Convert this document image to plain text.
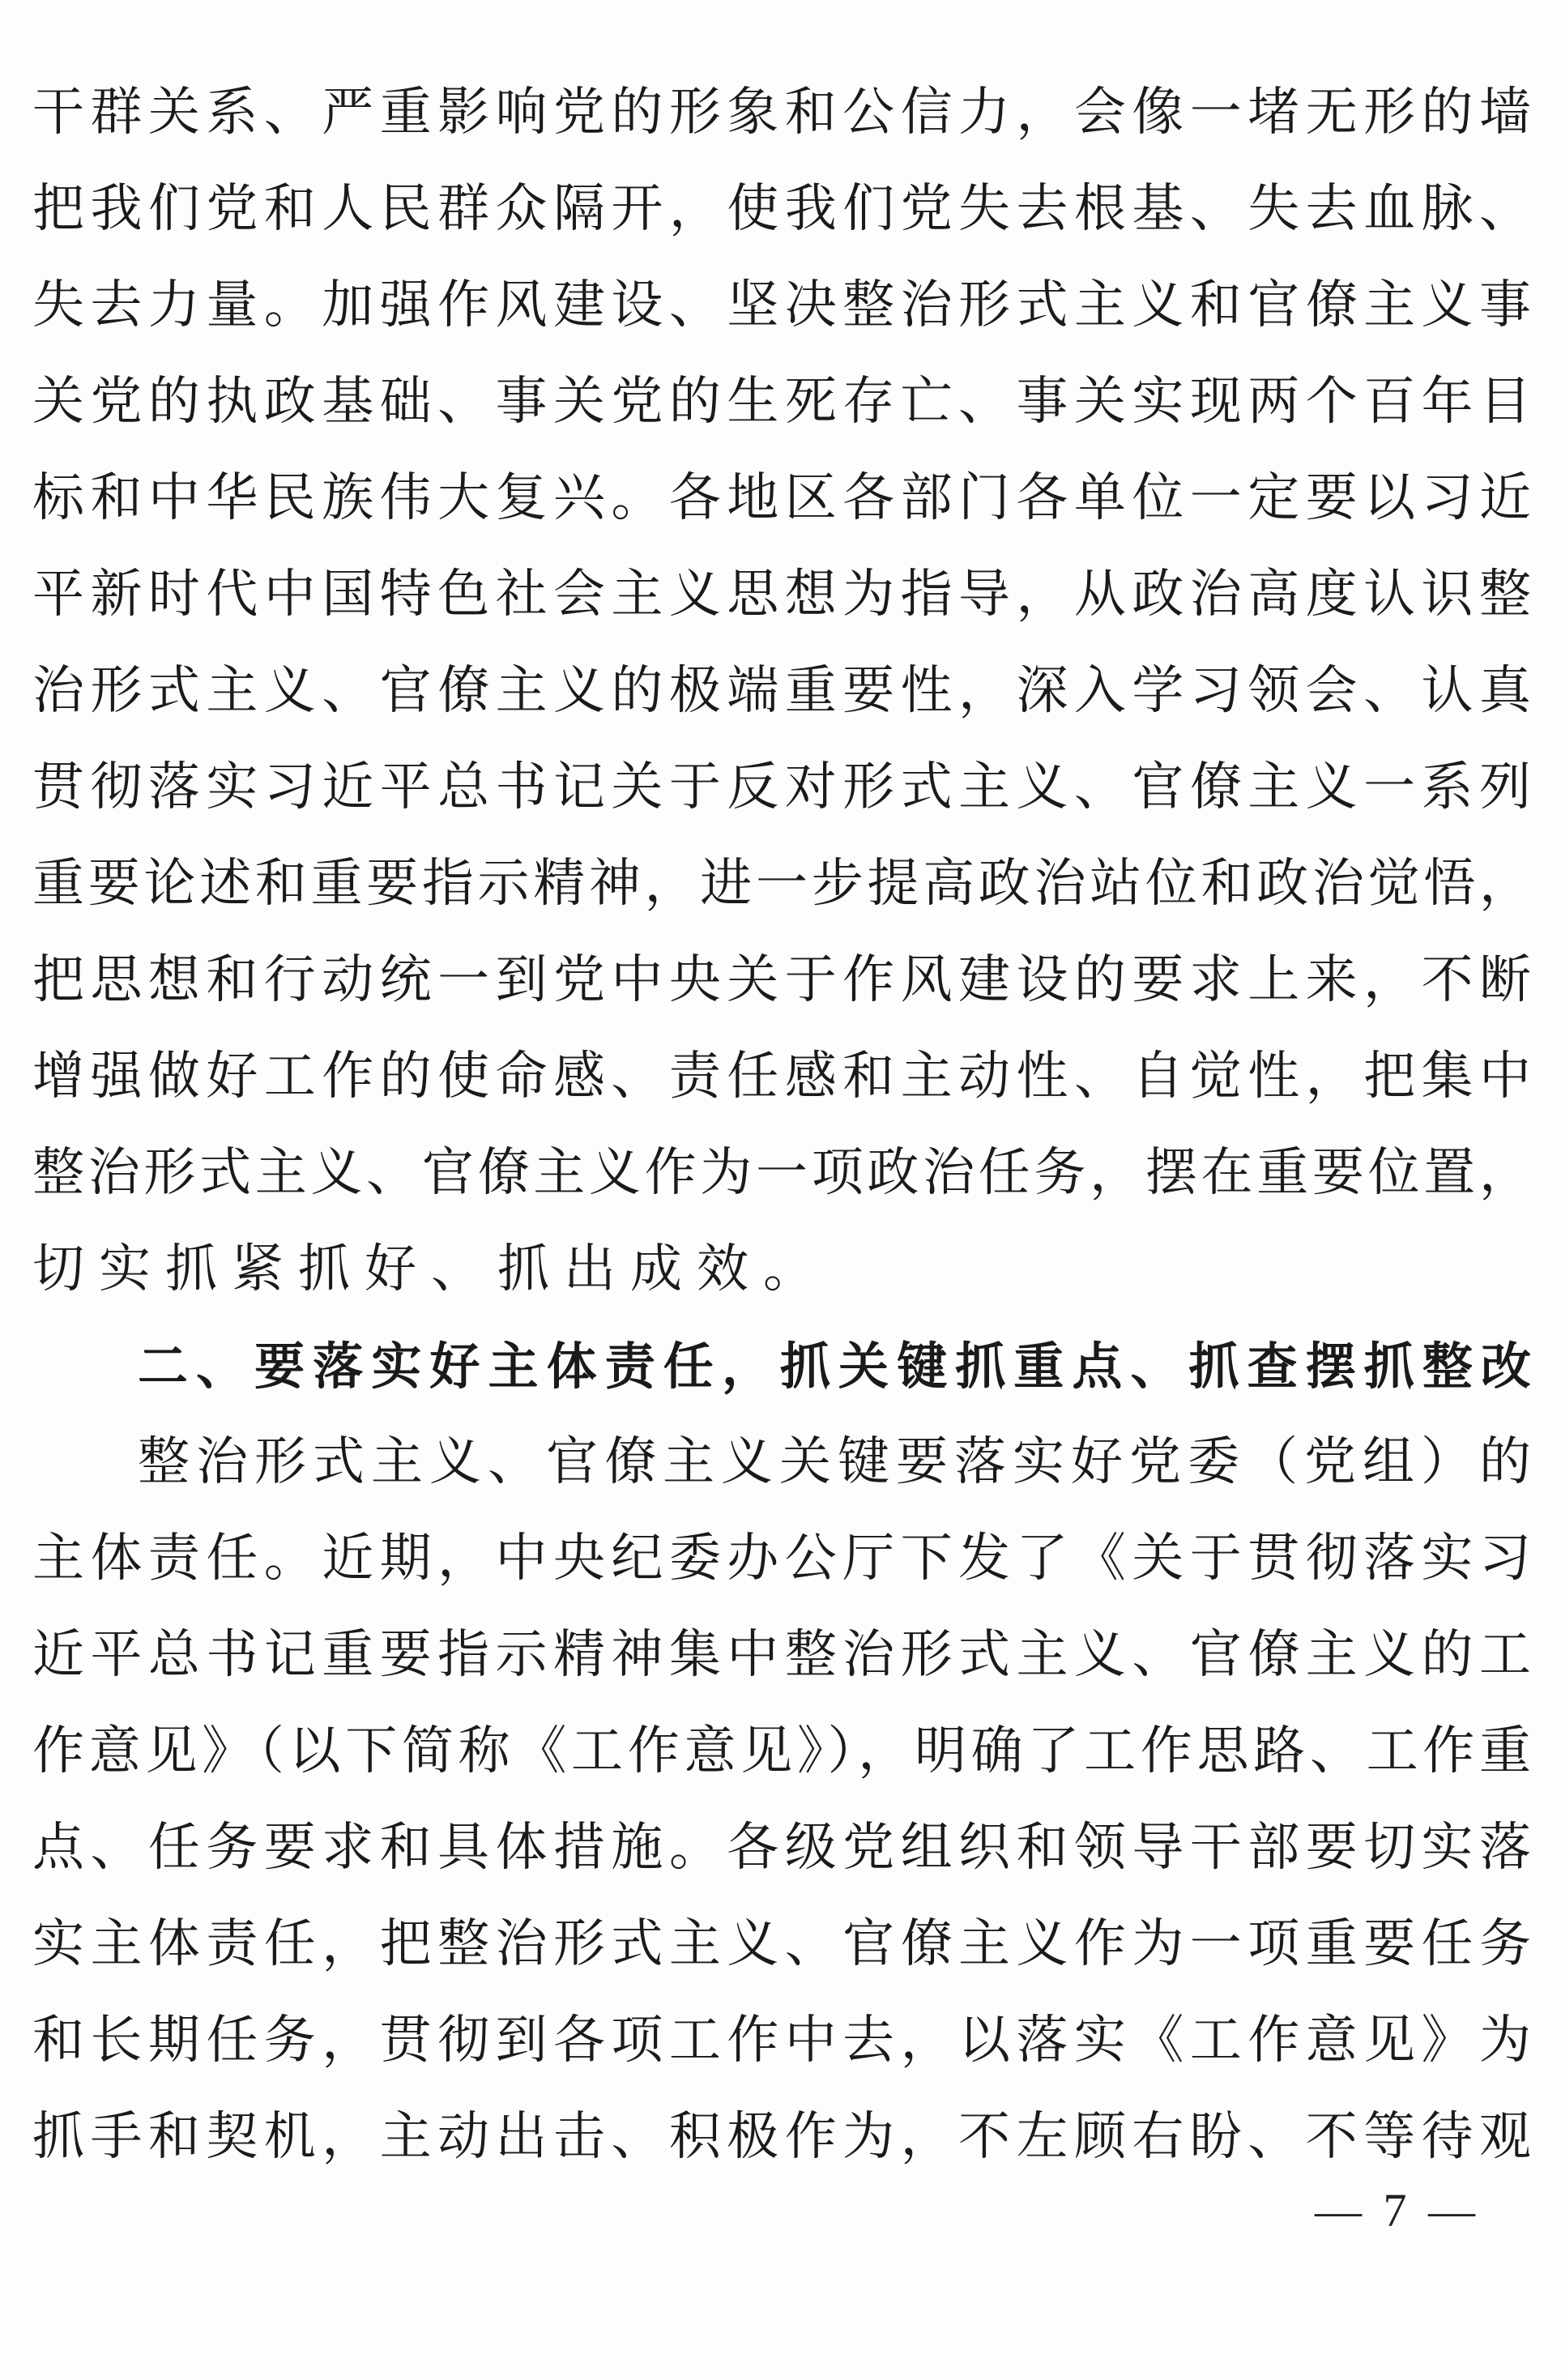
干群关系、严重影响党的形象和公信力，会像一堵无形的墙
把我们党和人民群众隔开，使我们党失去根基、失去血脉、
失去力量。加强作风建设、坚决整治形式主义和官僚主义事
关党的执政基础、事关党的生死存亡、事关实现两个百年目
标和中华民族伟大复兴。各地区各部门各单位一定要以习近
平新时代中国特色社会主义思想为指导，从政治高度认识整
治形式主义、官僚主义的极端重要性，深入学习领会、认真
贯彻落实习近平总书记关于反对形式主义、官僚主义一系列
重要论述和重要指示精神，进一步提高政治站位和政治觉悟，
把思想和行动统一到党中央关于作风建设的要求上来，不断
增强做好工作的使命感、责任感和主动性、自觉性，把集中
整治形式主义、官僚主义作为一项政治任务，摆在重要位置，
切实抓紧抓好、抓出成效。
二、要落实好主体责任，抓关键抓重点、抓查摆抓整改
整治形式主义、官僚主义关键要落实好党委（党组）的
主体责任。近期，中央纪委办公厅下发了《关于贯彻落实习
近平总书记重要指示精神集中整治形式主义、官僚主义的工
作意见》（以下简称《工作意见》），明确了工作思路、工作重
点、任务要求和具体措施。各级党组织和领导干部要切实落
实主体责任，把整治形式主义、官僚主义作为一项重要任务
和长期任务，贯彻到各项工作中去，以落实《工作意见》为
抓手和契机，主动出击、积极作为，不左顾右盼、不等待观
— 7 —
